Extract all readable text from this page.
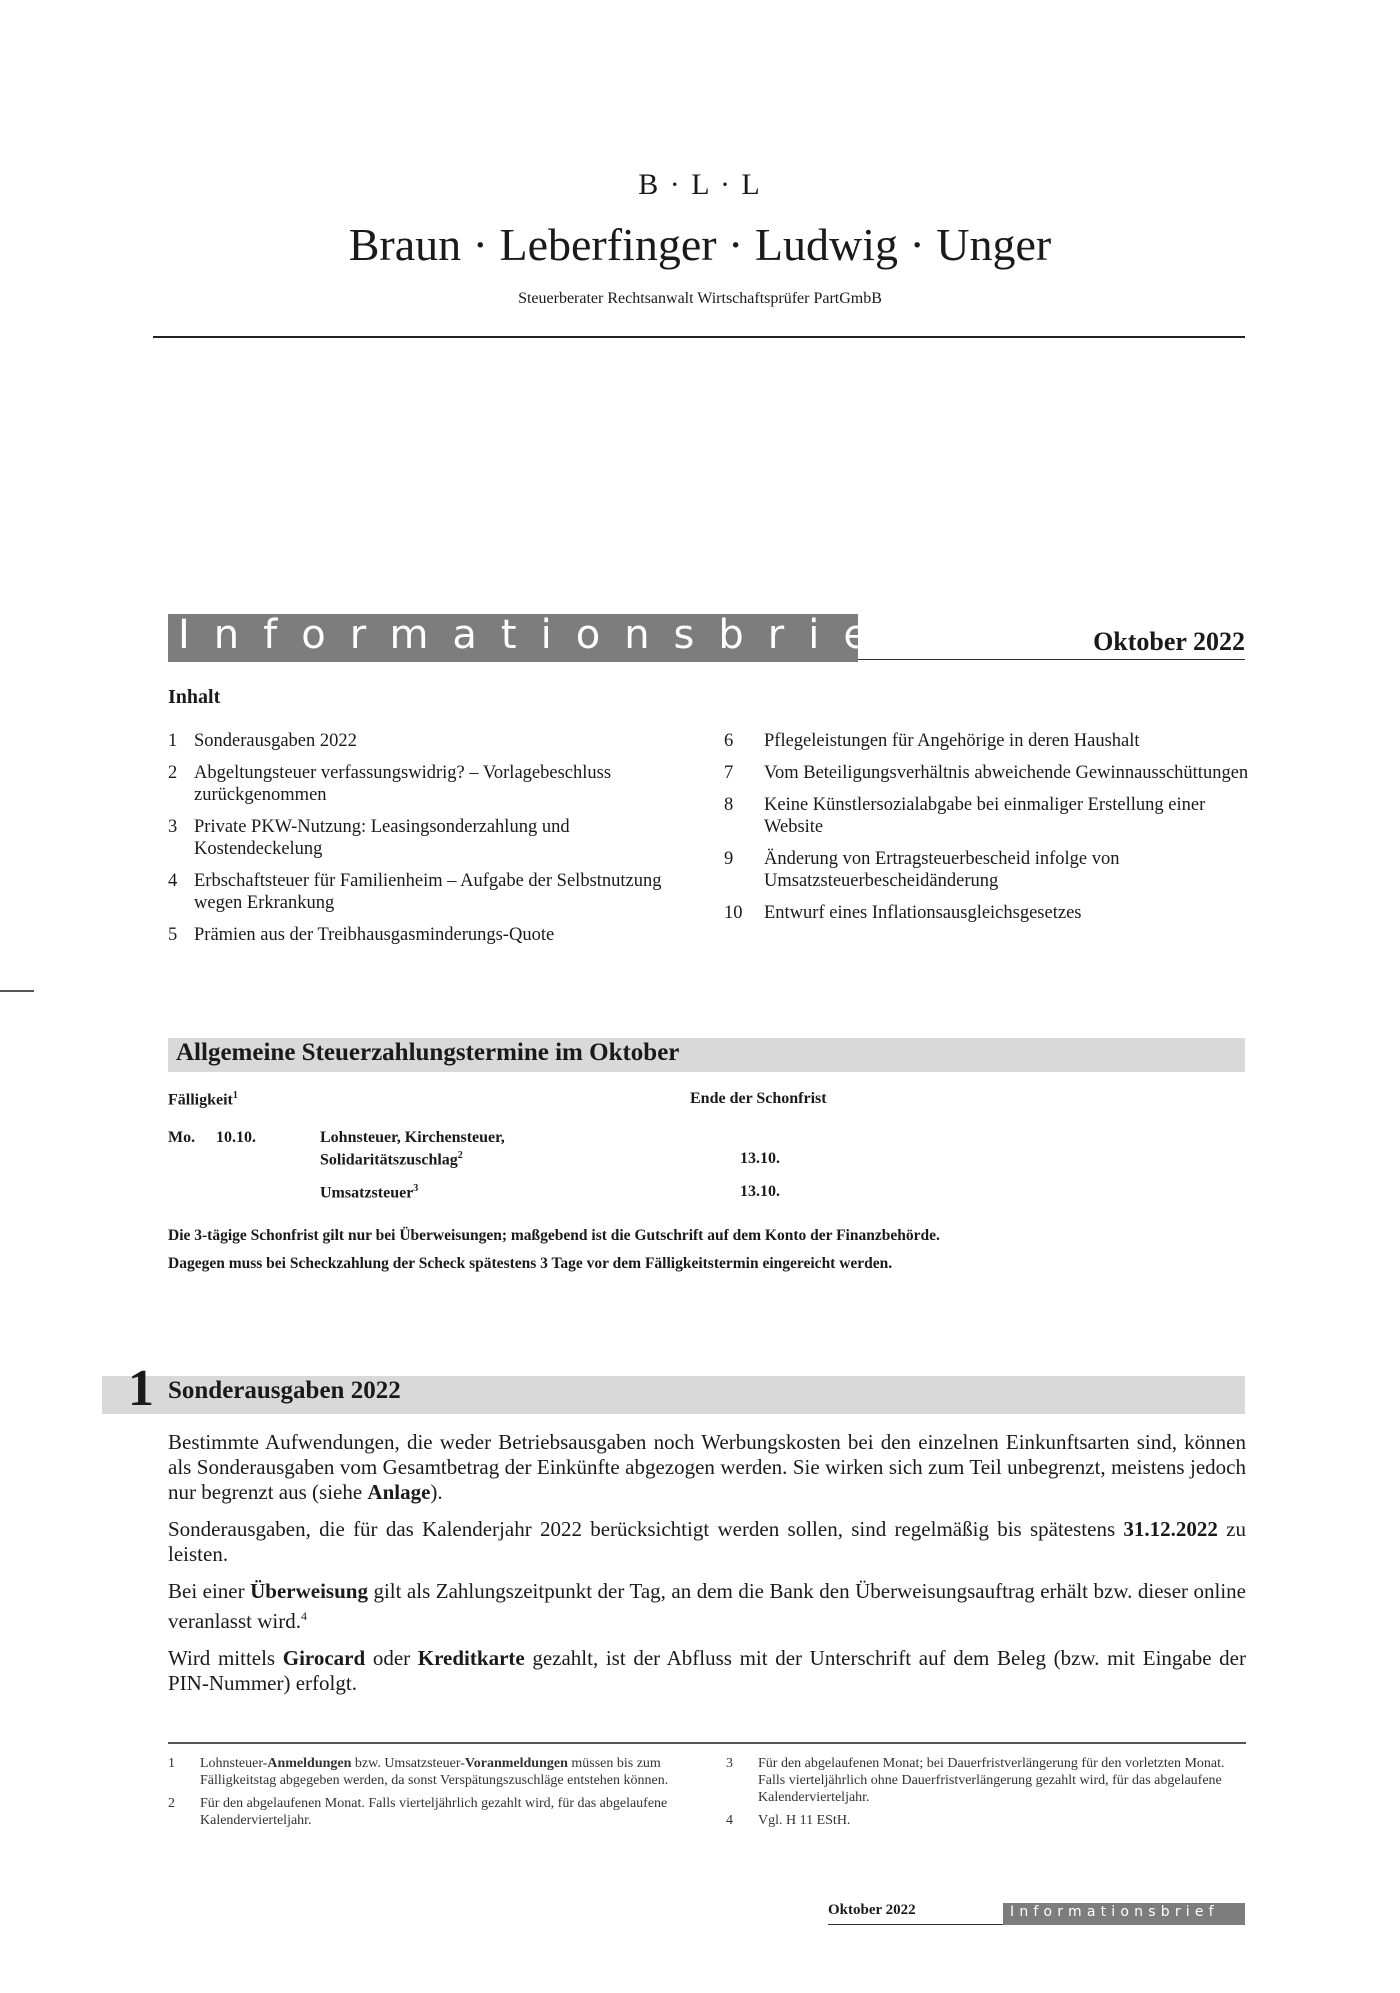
B · L · L
Braun · Leberfinger · Ludwig · Unger
Steuerberater Rechtsanwalt Wirtschaftsprüfer PartGmbB
Informationsbrief	Oktober 2022
Inhalt
1 Sonderausgaben 2022
2 Abgeltungsteuer verfassungswidrig? – Vorlagebeschluss zurückgenommen
3 Private PKW-Nutzung: Leasingsonderzahlung und Kostendeckelung
4 Erbschaftsteuer für Familienheim – Aufgabe der Selbstnutzung wegen Erkrankung
5 Prämien aus der Treibhausgasminderungs-Quote
6	Pflegeleistungen für Angehörige in deren Haushalt
7	Vom Beteiligungsverhältnis abweichende Gewinnausschüttungen
8	Keine Künstlersozialabgabe bei einmaliger Erstellung einer Website
9	Änderung von Ertragsteuerbescheid infolge von Umsatzsteuerbescheidänderung
10	Entwurf eines Inflationsausgleichsgesetzes
Allgemeine Steuerzahlungstermine im Oktober
Fälligkeit$^1$	Ende der Schonfrist
Mo. 10.10.	Lohnsteuer, Kirchensteuer,
Solidaritätszuschlag$^2$	13.10.
Umsatzsteuer$^3$	13.10.
Die 3-tägige Schonfrist gilt nur bei Überweisungen; maßgebend ist die Gutschrift auf dem Konto der Finanzbehörde.
Dagegen muss bei Scheckzahlung der Scheck spätestens 3 Tage vor dem Fälligkeitstermin eingereicht werden.
1 Sonderausgaben 2022

Bestimmte Aufwendungen, die weder Betriebsausgaben noch Werbungskosten bei den einzelnen Einkunftsarten sind, können als Sonderausgaben vom Gesamtbetrag der Einkünfte abgezogen werden. Sie wirken sich zum Teil unbegrenzt, meistens jedoch nur begrenzt aus (siehe Anlage).

Sonderausgaben, die für das Kalenderjahr 2022 berücksichtigt werden sollen, sind regelmäßig bis spätestens 31.12.2022 zu leisten.

Bei einer Überweisung gilt als Zahlungszeitpunkt der Tag, an dem die Bank den Überweisungsauftrag erhält bzw. dieser online veranlasst wird.$^4$

Wird mittels Girocard oder Kreditkarte gezahlt, ist der Abfluss mit der Unterschrift auf dem Beleg (bzw. mit Eingabe der PIN-Nummer) erfolgt.

1 Lohnsteuer-Anmeldungen bzw. Umsatzsteuer-Voranmeldungen müssen bis zum Fälligkeitstag abgegeben werden, da sonst Verspätungszuschläge entstehen können.
2 Für den abgelaufenen Monat. Falls vierteljährlich gezahlt wird, für das abgelaufene Kalendervierteljahr.
3 Für den abgelaufenen Monat; bei Dauerfristverlängerung für den vorletzten Monat. Falls vierteljährlich ohne Dauerfristverlängerung gezahlt wird, für das abgelaufene Kalendervierteljahr.
4 Vgl. H 11 EStH.
Oktober 2022	Informationsbrief
